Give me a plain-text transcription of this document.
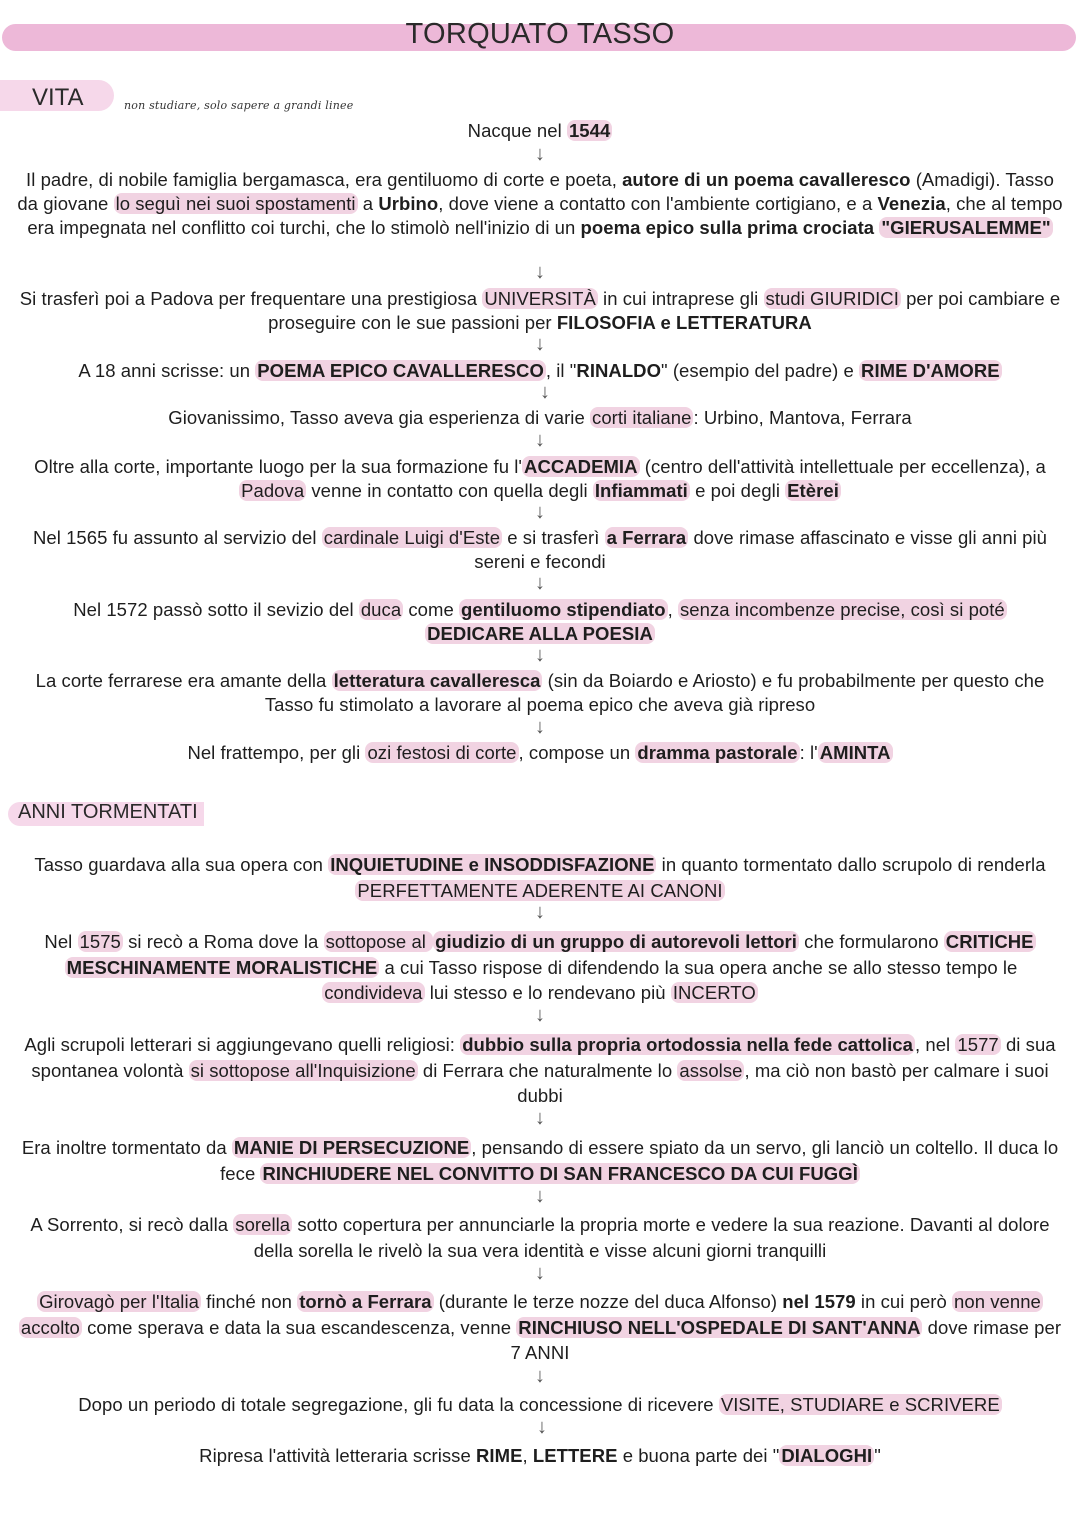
TORQUATO TASSO
VITA	non studiare, solo sapere a grandi linee
Nacque nel 1544
↓
Il padre, di nobile famiglia bergamasca, era gentiluomo di corte e poeta, autore di un poema cavalleresco (Amadigi). Tasso da giovane lo seguì nei suoi spostamenti a Urbino, dove viene a contatto con l'ambiente cortigiano, e a Venezia, che al tempo era impegnata nel conflitto coi turchi, che lo stimolò nell'inizio di un poema epico sulla prima crociata "GIERUSALEMME"
↓
Si trasferì poi a Padova per frequentare una prestigiosa UNIVERSITÀ in cui intraprese gli studi GIURIDICI per poi cambiare e proseguire con le sue passioni per FILOSOFIA e LETTERATURA
↓
A 18 anni scrisse: un POEMA EPICO CAVALLERESCO , il "RINALDO" (esempio del padre) e RIME D'AMORE
↓
Giovanissimo, Tasso aveva gia esperienza di varie corti italiane : Urbino, Mantova, Ferrara
↓
Oltre alla corte, importante luogo per la sua formazione fu l' ACCADEMIA (centro dell'attività intellettuale per eccellenza), a Padova venne in contatto con quella degli Infiammati e poi degli Etèrei
↓
Nel 1565 fu assunto al servizio del cardinale Luigi d'Este e si trasferì a Ferrara dove rimase affascinato e visse gli anni più sereni e fecondi
↓
Nel 1572 passò sotto il sevizio del duca come gentiluomo stipendiato , senza incombenze precise, così si poté
DEDICARE ALLA POESIA
↓
La corte ferrarese era amante della letteratura cavalleresca (sin da Boiardo e Ariosto) e fu probabilmente per questo che Tasso fu stimolato a lavorare al poema epico che aveva già ripreso
↓
Nel frattempo, per gli ozi festosi di corte , compose un dramma pastorale : l' AMINTA
ANNI TORMENTATI
Tasso guardava alla sua opera con INQUIETUDINE e INSODDISFAZIONE in quanto tormentato dallo scrupolo di renderla PERFETTAMENTE ADERENTE AI CANONI
↓
Nel 1575 si recò a Roma dove la sottopose al giudizio di un gruppo di autorevoli lettori che formularono CRITICHE MESCHINAMENTE MORALISTICHE a cui Tasso rispose di difendendo la sua opera anche se allo stesso tempo le condivideva lui stesso e lo rendevano più INCERTO
↓
Agli scrupoli letterari si aggiungevano quelli religiosi: dubbio sulla propria ortodossia nella fede cattolica , nel 1577 di sua spontanea volontà si sottopose all'Inquisizione di Ferrara che naturalmente lo assolse , ma ciò non bastò per calmare i suoi dubbi
↓
Era inoltre tormentato da MANIE DI PERSECUZIONE , pensando di essere spiato da un servo, gli lanciò un coltello. Il duca lo fece RINCHIUDERE NEL CONVITTO DI SAN FRANCESCO DA CUI FUGGÌ
↓
A Sorrento, si recò dalla sorella sotto copertura per annunciarle la propria morte e vedere la sua reazione. Davanti al dolore della sorella le rivelò la sua vera identità e visse alcuni giorni tranquilli
↓
Girovagò per l'Italia finché non tornò a Ferrara (durante le terze nozze del duca Alfonso) nel 1579 in cui però non venne accolto come sperava e data la sua escandescenza, venne RINCHIUSO NELL'OSPEDALE DI SANT'ANNA dove rimase per 7 ANNI
↓
Dopo un periodo di totale segregazione, gli fu data la concessione di ricevere VISITE, STUDIARE e SCRIVERE
↓
Ripresa l'attività letteraria scrisse RIME, LETTERE e buona parte dei " DIALOGHI "
